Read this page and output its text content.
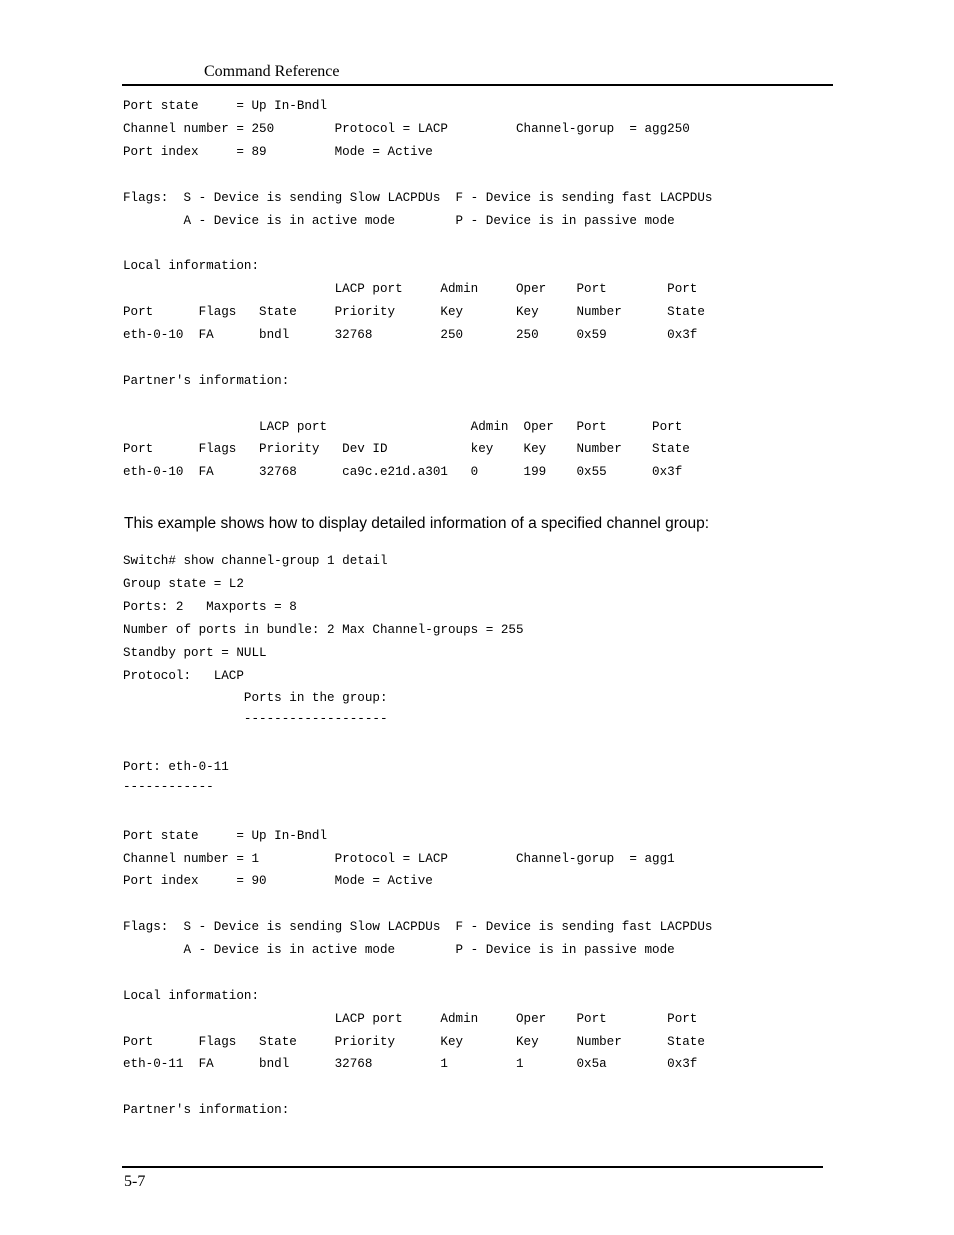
Command Reference
Port state     = Up In-Bndl
Channel number = 250        Protocol = LACP         Channel-gorup  = agg250
Port index     = 89         Mode = Active
Flags:  S - Device is sending Slow LACPDUs  F - Device is sending fast LACPDUs
A - Device is in active mode        P - Device is in passive mode
Local information:
LACP port     Admin     Oper    Port        Port
Port      Flags   State     Priority      Key       Key     Number      State
eth-0-10  FA      bndl      32768         250       250     0x59        0x3f
Partner's information:
LACP port                   Admin  Oper   Port      Port
Port      Flags   Priority   Dev ID           key    Key    Number    State
eth-0-10  FA      32768      ca9c.e21d.a301   0      199    0x55      0x3f
This example shows how to display detailed information of a specified channel group:
Switch# show channel-group 1 detail
Group state = L2
Ports: 2   Maxports = 8
Number of ports in bundle: 2 Max Channel-groups = 255
Standby port = NULL
Protocol:   LACP
Ports in the group:
-------------------
Port: eth-0-11
------------
Port state     = Up In-Bndl
Channel number = 1          Protocol = LACP         Channel-gorup  = agg1
Port index     = 90         Mode = Active
Flags:  S - Device is sending Slow LACPDUs  F - Device is sending fast LACPDUs
A - Device is in active mode        P - Device is in passive mode
Local information:
LACP port     Admin     Oper    Port        Port
Port      Flags   State     Priority      Key       Key     Number      State
eth-0-11  FA      bndl      32768         1         1       0x5a        0x3f
Partner's information:
5-7
